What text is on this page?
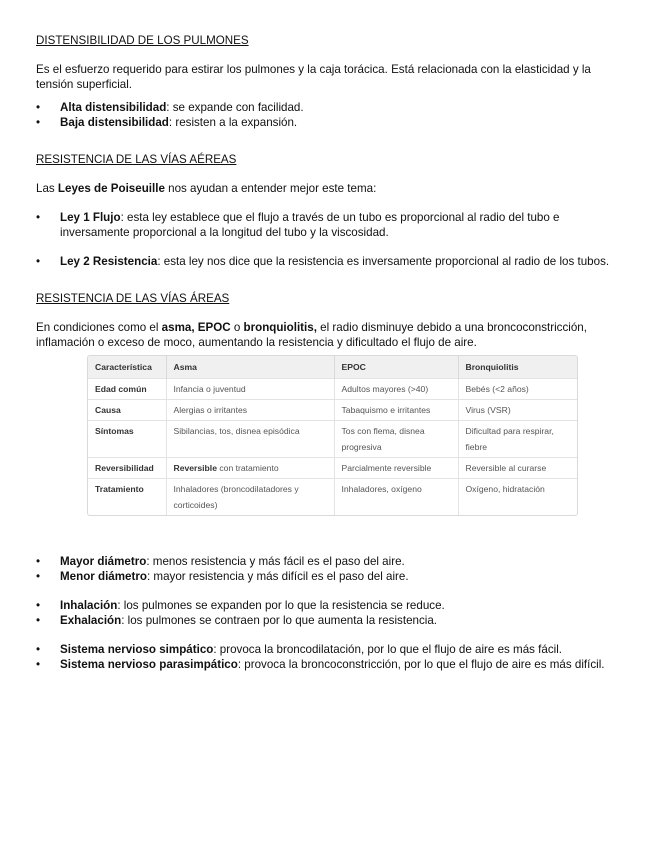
DISTENSIBILIDAD DE LOS PULMONES

Es el esfuerzo requerido para estirar los pulmones y la caja torácica. Está relacionada con la elasticidad y la tensión superficial.

• Alta distensibilidad: se expande con facilidad.
• Baja distensibilidad: resisten a la expansión.

RESISTENCIA DE LAS VÍAS AÉREAS

Las Leyes de Poiseuille nos ayudan a entender mejor este tema:

• Ley 1 Flujo: esta ley establece que el flujo a través de un tubo es proporcional al radio del tubo e inversamente proporcional a la longitud del tubo y la viscosidad.
• Ley 2 Resistencia: esta ley nos dice que la resistencia es inversamente proporcional al radio de los tubos.

RESISTENCIA DE LAS VÍAS ÁREAS

En condiciones como el asma, EPOC o bronquiolitis, el radio disminuye debido a una broncoconstricción, inflamación o exceso de moco, aumentando la resistencia y dificultado el flujo de aire.

Característica	Asma	EPOC	Bronquiolitis
Edad común	Infancia o juventud	Adultos mayores (>40)	Bebés (<2 años)
Causa	Alergias o irritantes	Tabaquismo e irritantes	Virus (VSR)
Síntomas	Sibilancias, tos, disnea episódica	Tos con flema, disnea progresiva	Dificultad para respirar, fiebre
Reversibilidad	Reversible con tratamiento	Parcialmente reversible	Reversible al curarse
Tratamiento	Inhaladores (broncodilatadores y corticoides)	Inhaladores, oxígeno	Oxígeno, hidratación
• Mayor diámetro: menos resistencia y más fácil es el paso del aire.
• Menor diámetro: mayor resistencia y más difícil es el paso del aire.
• Inhalación: los pulmones se expanden por lo que la resistencia se reduce.
• Exhalación: los pulmones se contraen por lo que aumenta la resistencia.
• Sistema nervioso simpático: provoca la broncodilatación, por lo que el flujo de aire es más fácil.
• Sistema nervioso parasimpático: provoca la broncoconstricción, por lo que el flujo de aire es más difícil.
